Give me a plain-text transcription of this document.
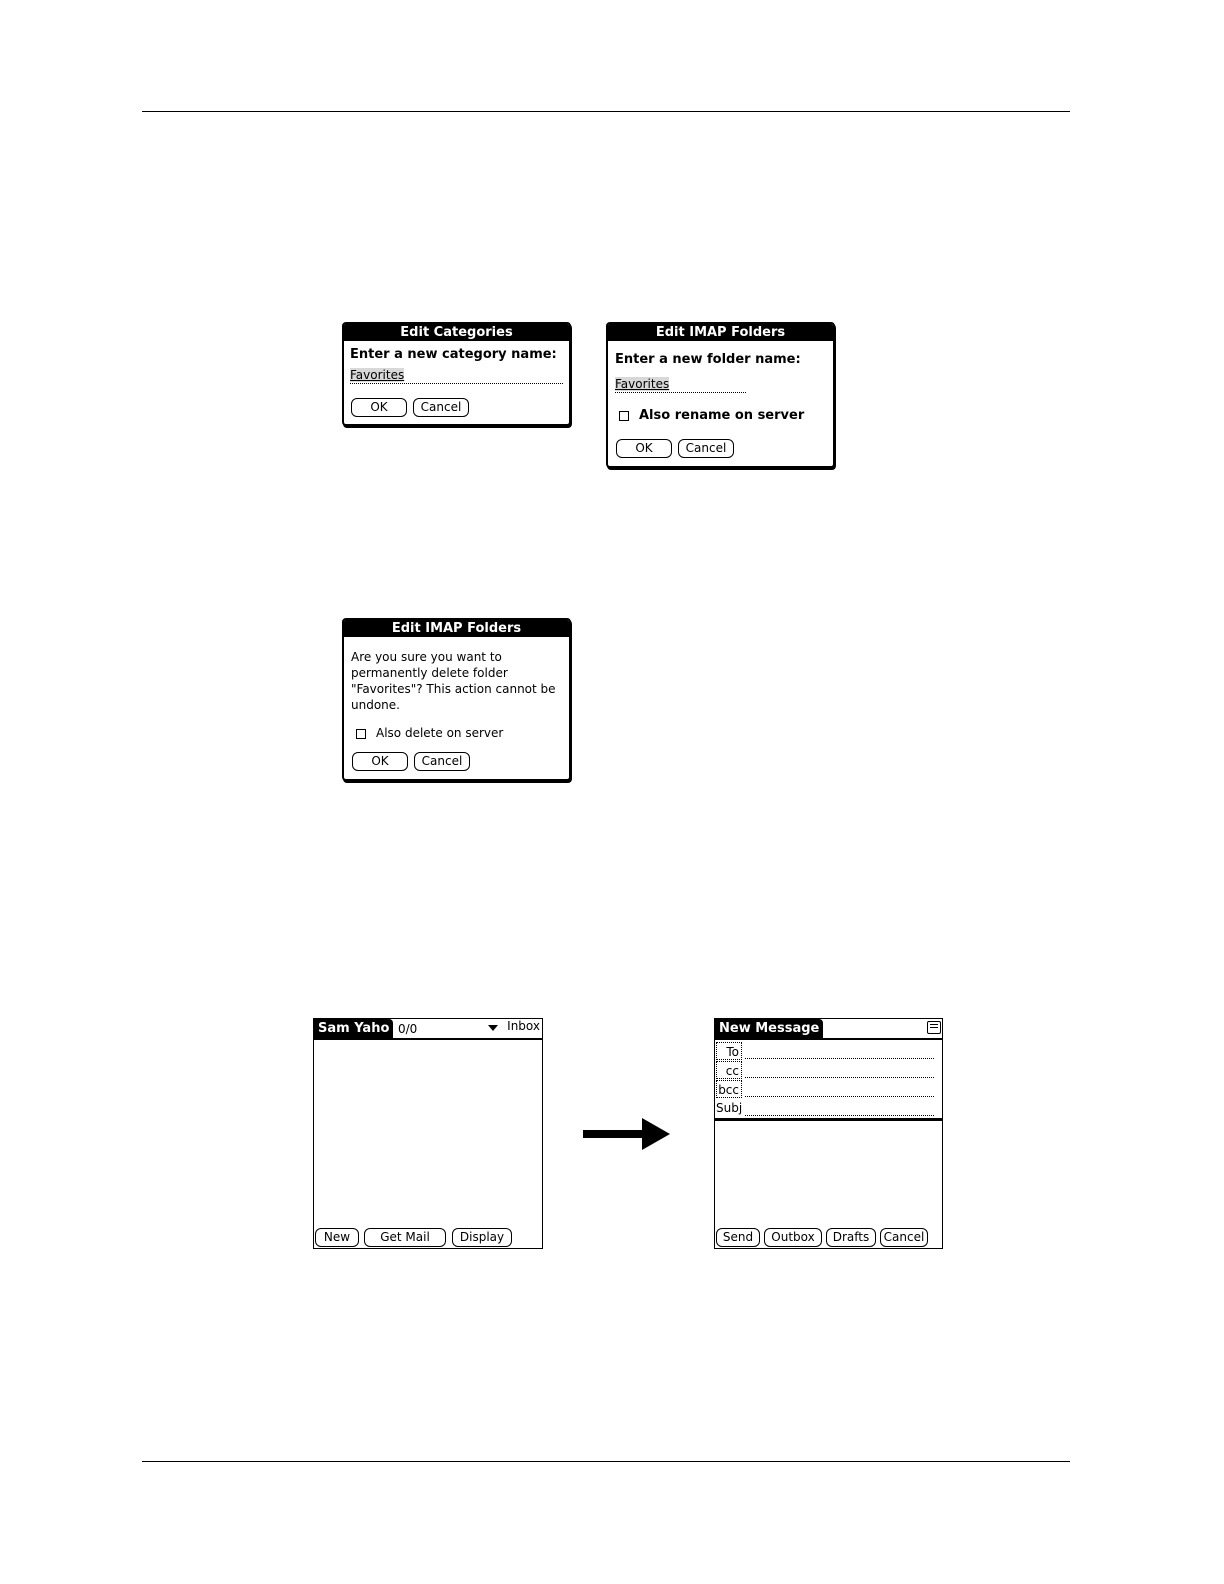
Edit Categories
Enter a new category name:
Favorites
OK	Cancel
Edit IMAP Folders
Enter a new folder name:
Favorites
Also rename on server
OK	Cancel
Edit IMAP Folders
Are you sure you want to
permanently delete folder
"Favorites"? This action cannot be
undone.
Also delete on server
OK	Cancel
Sam Yaho 0/0	Inbox
New	Get Mail	Display
New Message
To
cc
bcc
Subj
Send	Outbox	Drafts	Cancel
